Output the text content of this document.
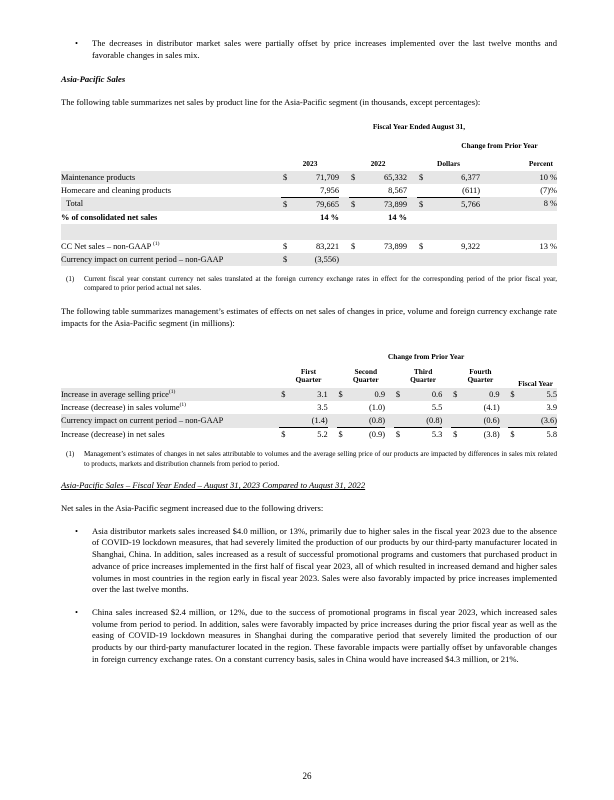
• The decreases in distributor market sales were partially offset by price increases implemented over the last twelve months and favorable changes in sales mix.

Asia-Pacific Sales

The following table summarizes net sales by product line for the Asia-Pacific segment (in thousands, except percentages):

	Fiscal Year Ended August 31,								
							Change from Prior Year		
	2023			2022			Dollars		Percent
Maintenance products	$	71,709		$	65,332		$	6,377	10 %
Homecare and cleaning products		7,956			8,567			(611)	(7)%
Total	$	79,665		$	73,899		$	5,766	8 %
% of consolidated net sales		14 %			14 %				

CC Net sales – non-GAAP $^{(1)}$	$	83,221		$	73,899		$	9,322	13 %
Currency impact on current period – non-GAAP	$	(3,556)							
(1) Current fiscal year constant currency net sales translated at the foreign currency exchange rates in effect for the corresponding period of the prior fiscal year, compared to prior period actual net sales.

The following table summarizes management’s estimates of effects on net sales of changes in price, volume and foreign currency exchange rate impacts for the Asia-Pacific segment (in millions):

	Change from Prior Year													
	First Quarter			Second Quarter			Third Quarter			Fourth Quarter			Fiscal Year	
Increase in average selling price$^{(1)}$	$	3.1		$	0.9		$	0.6		$	0.9		$	5.5
Increase (decrease) in sales volume$^{(1)}$		3.5			(1.0)			5.5			(4.1)			3.9
Currency impact on current period – non-GAAP		(1.4)			(0.8)			(0.8)			(0.6)			(3.6)
Increase (decrease) in net sales	$	5.2		$	(0.9)		$	5.3		$	(3.8)		$	5.8
(1) Management’s estimates of changes in net sales attributable to volumes and the average selling price of our products are impacted by differences in sales mix related to products, markets and distribution channels from period to period.

Asia-Pacific Sales – Fiscal Year Ended – August 31, 2023 Compared to August 31, 2022

Net sales in the Asia-Pacific segment increased due to the following drivers:

• Asia distributor markets sales increased $4.0 million, or 13%, primarily due to higher sales in the fiscal year 2023 due to the absence of COVID-19 lockdown measures, that had severely limited the production of our products by our third-party manufacturer located in Shanghai, China. In addition, sales increased as a result of successful promotional programs and customers that purchased product in advance of price increases implemented in the first half of fiscal year 2023, all of which resulted in increased demand and higher sales volumes in most countries in the region early in fiscal year 2023. Sales were also favorably impacted by price increases implemented over the last twelve months.
• China sales increased $2.4 million, or 12%, due to the success of promotional programs in fiscal year 2023, which increased sales volume from period to period. In addition, sales were favorably impacted by price increases during the prior fiscal year as well as the easing of COVID-19 lockdown measures in Shanghai during the comparative period that severely limited the production of our products by our third-party manufacturer located in the region. These favorable impacts were partially offset by unfavorable changes in foreign currency exchange rates. On a constant currency basis, sales in China would have increased $4.3 million, or 21%.
26
